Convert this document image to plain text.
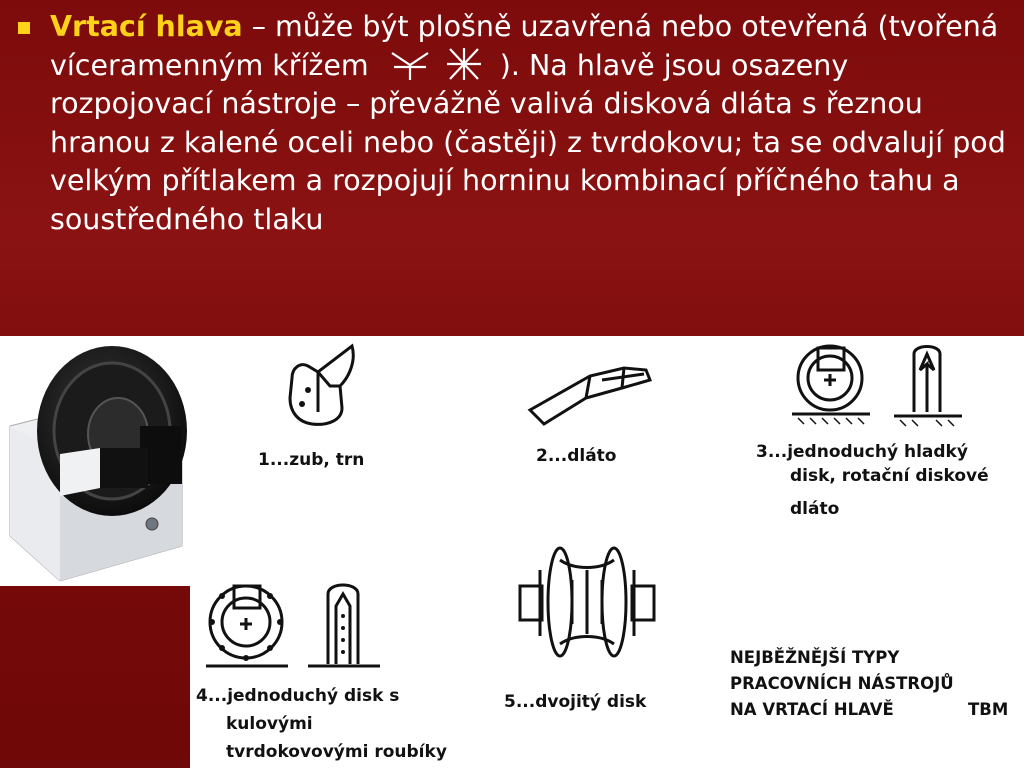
Vrtací hlava – může být plošně uzavřená nebo otevřená (tvořená víceramenným křížem	). Na hlavě jsou osazeny rozpojovací nástroje – převážně valivá disková dláta s řeznou hranou z kalené oceli nebo (častěji) z tvrdokovu; ta se odvalují pod velkým přítlakem a rozpojují horninu kombinací příčného tahu a soustředného tlaku
1...zub, trn	2...dláto	3...jednoduchý hladký
disk, rotační diskové
dláto
4...jednoduchý disk s
kulovými
tvrdokovovými roubíky
5...dvojitý disk
NEJBĚŽNĚJŠÍ TYPY
PRACOVNÍCH NÁSTROJŮ
NA VRTACÍ HLAVĚ	TBM
